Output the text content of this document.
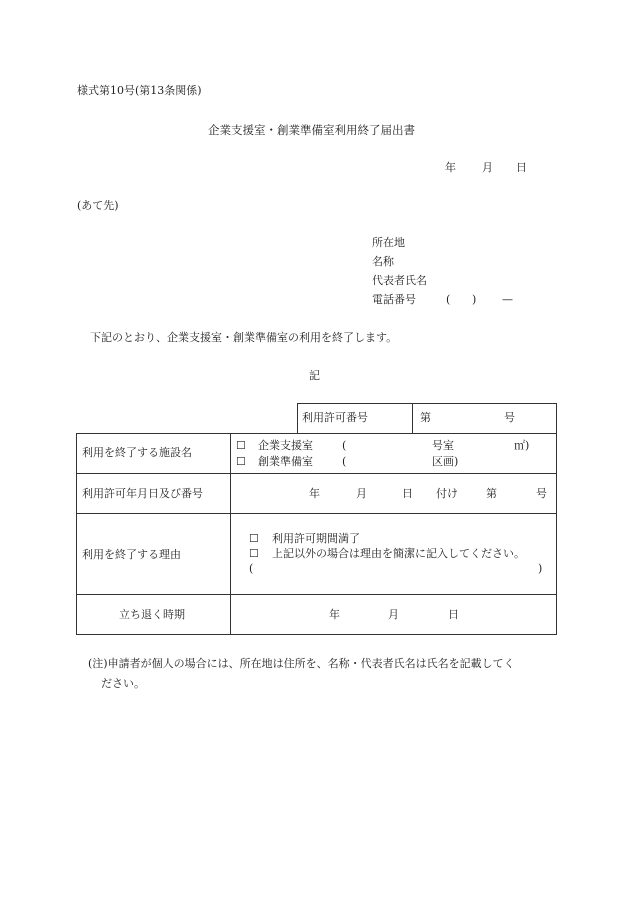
様式第10号(第13条関係)
企業支援室・創業準備室利用終了届出書
年 月 日
(あて先)
所在地
名称
代表者氏名
電話番号	( ) —
下記のとおり、企業支援室・創業準備室の利用を終了します。
記
利用許可番号	第	号
利用を終了する施設名
☐ 企業支援室	(	号室	㎡)
☐ 創業準備室	(	区画)
利用許可年月日及び番号	年	月	日 付け	第	号
利用を終了する理由
☐ 利用許可期間満了
☐ 上記以外の場合は理由を簡潔に記入してください。
(	)
立ち退く時期	年	月	日
(注)申請者が個人の場合には、所在地は住所を、名称・代表者氏名は氏名を記載してく
ださい。
